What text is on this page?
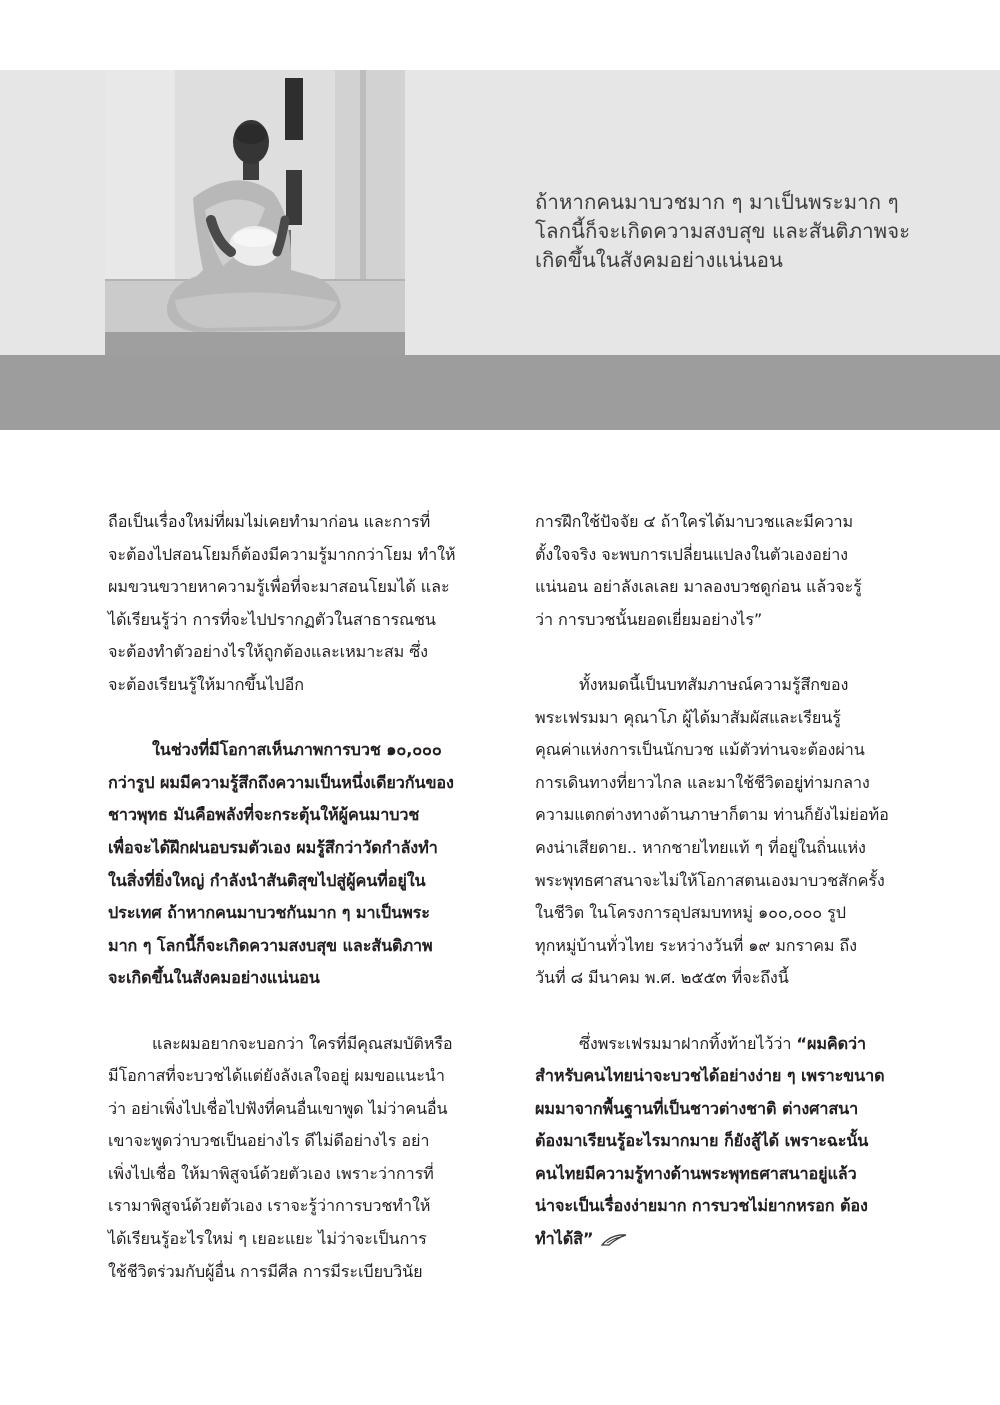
ถ้าหากคนมาบวชมาก ๆ มาเป็นพระมาก ๆ
โลกนี้ก็จะเกิดความสงบสุข และสันติภาพจะ
เกิดขึ้นในสังคมอย่างแน่นอน

ถือเป็นเรื่องใหม่ที่ผมไม่เคยทำมาก่อน และการที่
จะต้องไปสอนโยมก็ต้องมีความรู้มากกว่าโยม ทำให้
ผมขวนขวายหาความรู้เพื่อที่จะมาสอนโยมได้ และ
ได้เรียนรู้ว่า การที่จะไปปรากฏตัวในสาธารณชน
จะต้องทำตัวอย่างไรให้ถูกต้องและเหมาะสม ซึ่ง
จะต้องเรียนรู้ให้มากขึ้นไปอีก

ในช่วงที่มีโอกาสเห็นภาพการบวช ๑๐,๐๐๐
กว่ารูป ผมมีความรู้สึกถึงความเป็นหนึ่งเดียวกันของ
ชาวพุทธ มันคือพลังที่จะกระตุ้นให้ผู้คนมาบวช
เพื่อจะได้ฝึกฝนอบรมตัวเอง ผมรู้สึกว่าวัดกำลังทำ
ในสิ่งที่ยิ่งใหญ่ กำลังนำสันติสุขไปสู่ผู้คนที่อยู่ใน
ประเทศ ถ้าหากคนมาบวชกันมาก ๆ มาเป็นพระ
มาก ๆ โลกนี้ก็จะเกิดความสงบสุข และสันติภาพ
จะเกิดขึ้นในสังคมอย่างแน่นอน

และผมอยากจะบอกว่า ใครที่มีคุณสมบัติหรือ
มีโอกาสที่จะบวชได้แต่ยังลังเลใจอยู่ ผมขอแนะนำ
ว่า อย่าเพิ่งไปเชื่อไปฟังที่คนอื่นเขาพูด ไม่ว่าคนอื่น
เขาจะพูดว่าบวชเป็นอย่างไร ดีไม่ดีอย่างไร อย่า
เพิ่งไปเชื่อ ให้มาพิสูจน์ด้วยตัวเอง เพราะว่าการที่
เรามาพิสูจน์ด้วยตัวเอง เราจะรู้ว่าการบวชทำให้
ได้เรียนรู้อะไรใหม่ ๆ เยอะแยะ ไม่ว่าจะเป็นการ
ใช้ชีวิตร่วมกับผู้อื่น การมีศีล การมีระเบียบวินัย

การฝึกใช้ปัจจัย ๔ ถ้าใครได้มาบวชและมีความ
ตั้งใจจริง จะพบการเปลี่ยนแปลงในตัวเองอย่าง
แน่นอน อย่าลังเลเลย มาลองบวชดูก่อน แล้วจะรู้
ว่า การบวชนั้นยอดเยี่ยมอย่างไร”

ทั้งหมดนี้เป็นบทสัมภาษณ์ความรู้สึกของ
พระเฟรมมา คุณาโภ ผู้ได้มาสัมผัสและเรียนรู้
คุณค่าแห่งการเป็นนักบวช แม้ตัวท่านจะต้องผ่าน
การเดินทางที่ยาวไกล และมาใช้ชีวิตอยู่ท่ามกลาง
ความแตกต่างทางด้านภาษาก็ตาม ท่านก็ยังไม่ย่อท้อ
คงน่าเสียดาย.. หากชายไทยแท้ ๆ ที่อยู่ในถิ่นแห่ง
พระพุทธศาสนาจะไม่ให้โอกาสตนเองมาบวชสักครั้ง
ในชีวิต ในโครงการอุปสมบทหมู่ ๑๐๐,๐๐๐ รูป
ทุกหมู่บ้านทั่วไทย ระหว่างวันที่ ๑๙ มกราคม ถึง
วันที่ ๘ มีนาคม พ.ศ. ๒๕๕๓ ที่จะถึงนี้

ซึ่งพระเฟรมมาฝากทิ้งท้ายไว้ว่า “ผมคิดว่า
สำหรับคนไทยน่าจะบวชได้อย่างง่าย ๆ เพราะขนาด
ผมมาจากพื้นฐานที่เป็นชาวต่างชาติ ต่างศาสนา
ต้องมาเรียนรู้อะไรมากมาย ก็ยังสู้ได้ เพราะฉะนั้น
คนไทยมีความรู้ทางด้านพระพุทธศาสนาอยู่แล้ว
น่าจะเป็นเรื่องง่ายมาก การบวชไม่ยากหรอก ต้อง
ทำได้สิ”
